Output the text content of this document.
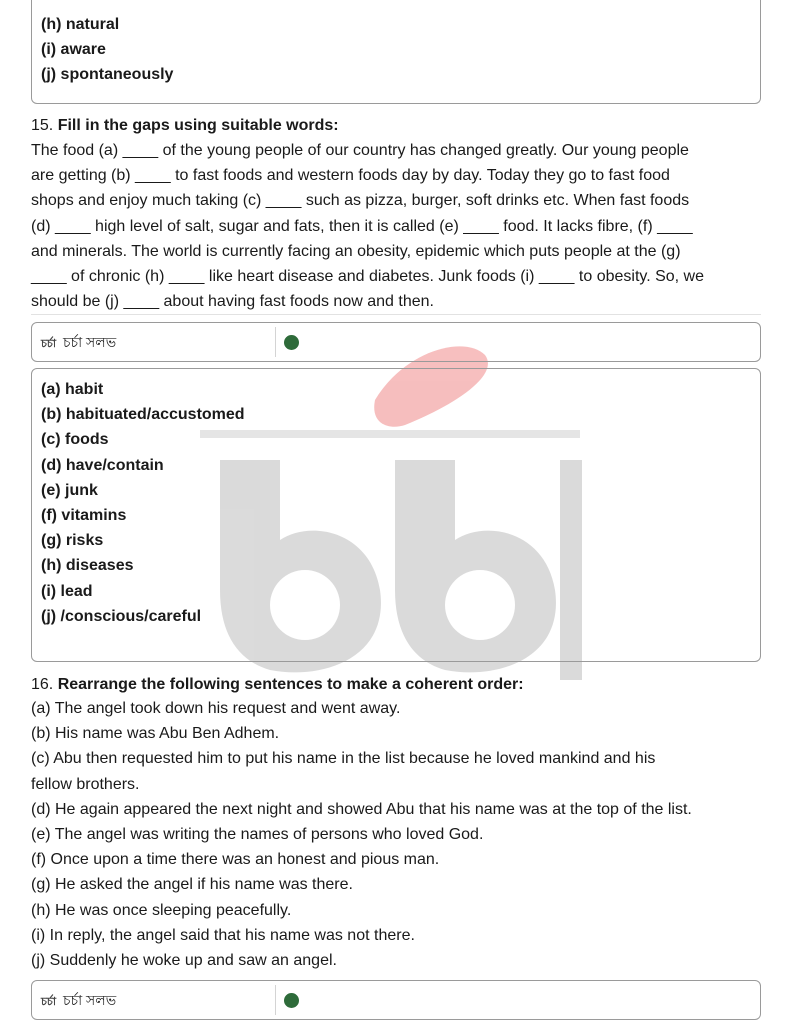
(h) natural
(i) aware
(j) spontaneously
15. Fill in the gaps using suitable words:
The food (a) ____ of the young people of our country has changed greatly. Our young people
are getting (b) ____ to fast foods and western foods day by day. Today they go to fast food
shops and enjoy much taking (c) ____ such as pizza, burger, soft drinks etc. When fast foods
(d) ____ high level of salt, sugar and fats, then it is called (e) ____ food. It lacks fibre, (f) ____
and minerals. The world is currently facing an obesity, epidemic which puts people at the (g)
____ of chronic (h) ____ like heart disease and diabetes. Junk foods (i) ____ to obesity. So, we
should be (j) ____ about having fast foods now and then.
চর্চা চর্চা সলভ
(a) habit
(b) habituated/accustomed
(c) foods
(d) have/contain
(e) junk
(f) vitamins
(g) risks
(h) diseases
(i) lead
(j) /conscious/careful
16. Rearrange the following sentences to make a coherent order:
(a) The angel took down his request and went away.
(b) His name was Abu Ben Adhem.
(c) Abu then requested him to put his name in the list because he loved mankind and his
fellow brothers.
(d) He again appeared the next night and showed Abu that his name was at the top of the list.
(e) The angel was writing the names of persons who loved God.
(f) Once upon a time there was an honest and pious man.
(g) He asked the angel if his name was there.
(h) He was once sleeping peacefully.
(i) In reply, the angel said that his name was not there.
(j) Suddenly he woke up and saw an angel.
চর্চা চর্চা সলভ
